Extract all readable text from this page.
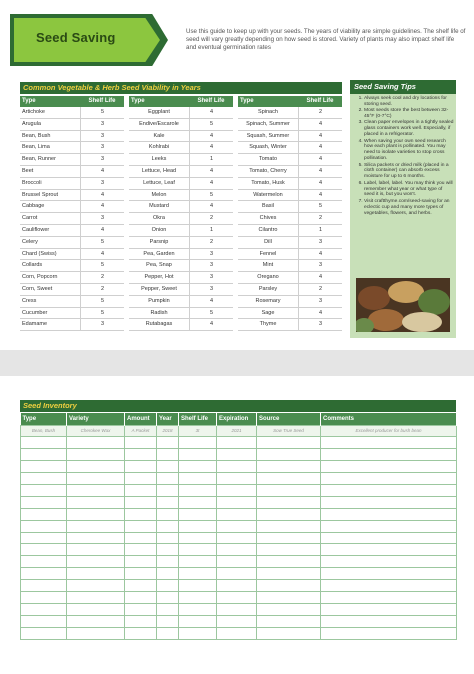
Seed Saving	Use this guide to keep up with your seeds. The years of viability are simple guidelines. The shelf life of seed will vary greatly depending on how seed is stored. Variety of plants may also impact shelf life and eventual germination rates
Common Vegetable & Herb Seed Viability in Years
Type	Shelf Life
Artichoke	5
Arugula	3
Bean, Bush	3
Bean, Lima	3
Bean, Runner	3
Beet	4
Broccoli	3
Brussel Sprout	4
Cabbage	4
Carrot	3
Cauliflower	4
Celery	5
Chard (Swiss)	4
Collards	5
Corn, Popcorn	2
Corn, Sweet	2
Cress	5
Cucumber	5
Edamame	3
Type	Shelf Life
Eggplant	4
Endive/Escarole	5
Kale	4
Kohlrabi	4
Leeks	1
Lettuce, Head	4
Lettuce, Leaf	4
Melon	5
Mustard	4
Okra	2
Onion	1
Parsnip	2
Pea, Garden	3
Pea, Snap	3
Pepper, Hot	3
Pepper, Sweet	3
Pumpkin	4
Radish	5
Rutabagas	4
Type	Shelf Life
Spinach	2
Spinach, Summer	4
Squash, Summer	4
Squash, Winter	4
Tomato	4
Tomato, Cherry	4
Tomato, Husk	4
Watermelon	4
Basil	5
Chives	2
Cilantro	1
Dill	3
Fennel	4
Mint	3
Oregano	4
Parsley	2
Rosemary	3
Sage	4
Thyme	3
Seed Saving Tips
1. Always seek cool and dry locations for storing seed.
2. Most seeds store the best between 32-45°F (0-7°C)
3. Clean paper envelopes in a tightly sealed glass containers work well. Especially, if placed in a refrigerator.
4. When saving your own seed research how each plant is pollinated. You may need to isolate varieties to stop cross pollination.
5. Silica packets or dried milk (placed in a cloth container) can absorb excess moisture for up to 6 months.
6. Label, label, label. You may think you will remember what year or what type of seed it is, but you won't.
7. Visit craftthyme.com/seed-saving for an eclectic cup and many more types of vegetables, flowers, and herbs.
Seed Inventory
Type	Variety	Amount	Year	Shelf Life	Expiration	Source	Comments
Bean, Bush	Cherokee Wax	A Packet	2018	3t	2021	Sow True Seed	Excellent producer for bush bean
